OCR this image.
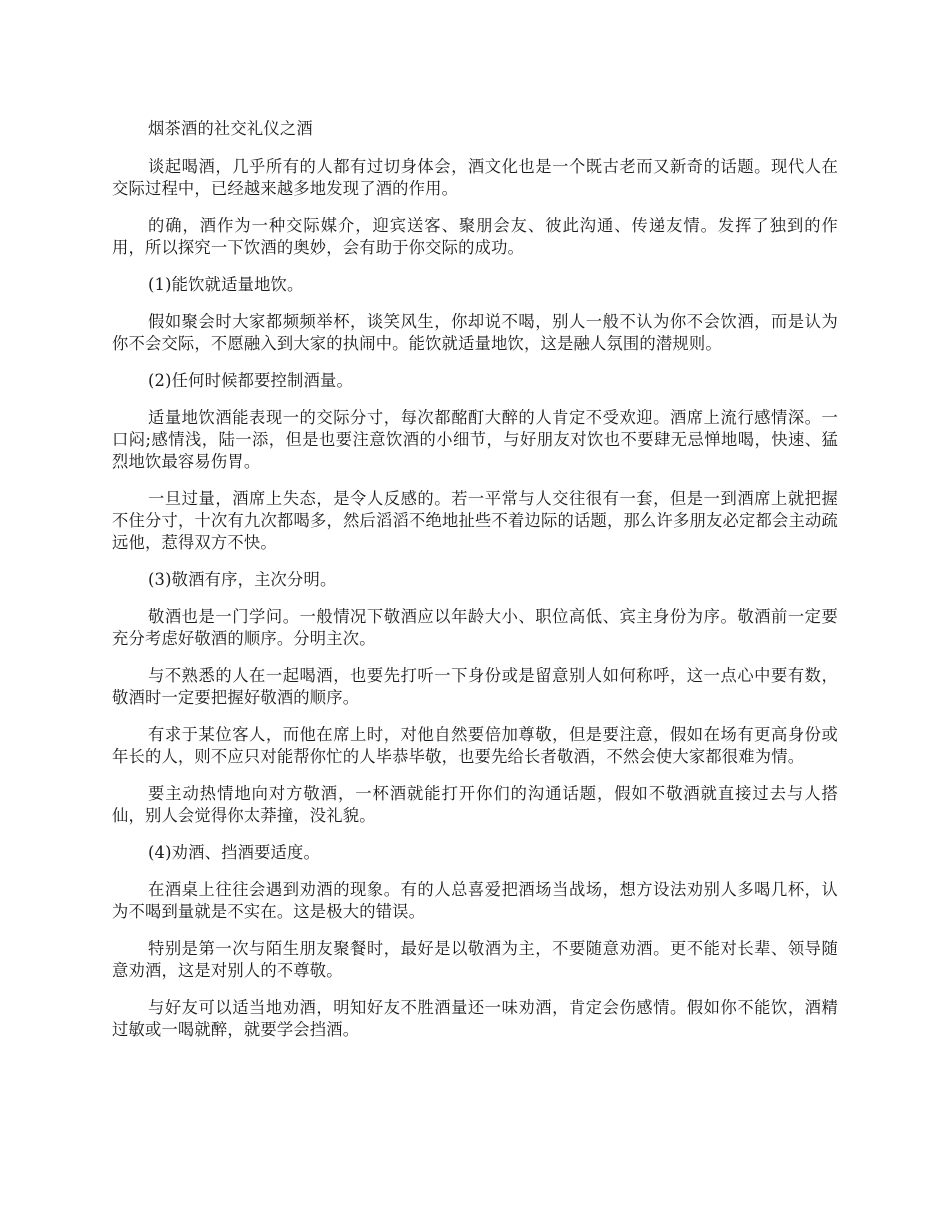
烟茶酒的社交礼仪之酒

谈起喝酒，几乎所有的人都有过切身体会，酒文化也是一个既古老而又新奇的话题。现代人在交际过程中，已经越来越多地发现了酒的作用。

的确，酒作为一种交际媒介，迎宾送客、聚朋会友、彼此沟通、传递友情。发挥了独到的作用，所以探究一下饮酒的奥妙，会有助于你交际的成功。

(1)能饮就适量地饮。

假如聚会时大家都频频举杯，谈笑风生，你却说不喝，别人一般不认为你不会饮酒，而是认为你不会交际，不愿融入到大家的执闹中。能饮就适量地饮，这是融人氛围的潜规则。

(2)任何时候都要控制酒量。

适量地饮酒能表现一的交际分寸，每次都酩酊大醉的人肯定不受欢迎。酒席上流行感情深。一口闷;感情浅，陆一添，但是也要注意饮酒的小细节，与好朋友对饮也不要肆无忌惮地喝，快速、猛烈地饮最容易伤胃。

一旦过量，酒席上失态，是令人反感的。若一平常与人交往很有一套，但是一到酒席上就把握不住分寸，十次有九次都喝多，然后滔滔不绝地扯些不着边际的话题，那么许多朋友必定都会主动疏远他，惹得双方不快。

(3)敬酒有序，主次分明。

敬酒也是一门学问。一般情况下敬酒应以年龄大小、职位高低、宾主身份为序。敬酒前一定要充分考虑好敬酒的顺序。分明主次。

与不熟悉的人在一起喝酒，也要先打听一下身份或是留意别人如何称呼，这一点心中要有数，敬酒时一定要把握好敬酒的顺序。

有求于某位客人，而他在席上时，对他自然要倍加尊敬，但是要注意，假如在场有更高身份或年长的人，则不应只对能帮你忙的人毕恭毕敬，也要先给长者敬酒，不然会使大家都很难为情。

要主动热情地向对方敬酒，一杯酒就能打开你们的沟通话题，假如不敬酒就直接过去与人搭仙，别人会觉得你太莽撞，没礼貌。

(4)劝酒、挡酒要适度。

在酒桌上往往会遇到劝酒的现象。有的人总喜爱把酒场当战场，想方设法劝别人多喝几杯，认为不喝到量就是不实在。这是极大的错误。

特别是第一次与陌生朋友聚餐时，最好是以敬酒为主，不要随意劝酒。更不能对长辈、领导随意劝酒，这是对别人的不尊敬。

与好友可以适当地劝酒，明知好友不胜酒量还一味劝酒，肯定会伤感情。假如你不能饮，酒精过敏或一喝就醉，就要学会挡酒。
